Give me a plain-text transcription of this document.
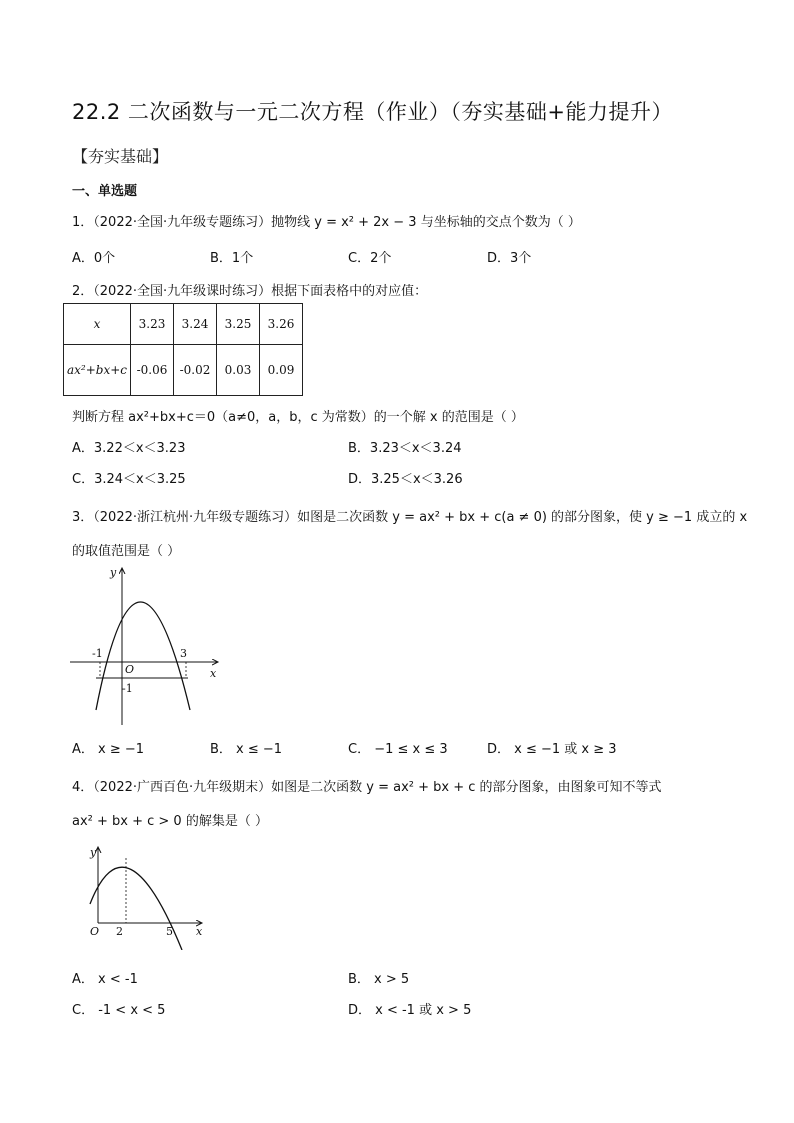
22.2 二次函数与一元二次方程（作业）（夯实基础+能力提升）
【夯实基础】
一、单选题
1．（2022·全国·九年级专题练习）抛物线 y = x² + 2x − 3 与坐标轴的交点个数为（ ）
A．0个	B．1个	C．2个	D．3个
2．（2022·全国·九年级课时练习）根据下面表格中的对应值：
x	3.23	3.24	3.25	3.26
ax²+bx+c	-0.06	-0.02	0.03	0.09
判断方程 ax²+bx+c＝0（a≠0，a，b，c 为常数）的一个解 x 的范围是（ ）
A．3.22＜x＜3.23	B．3.23＜x＜3.24
C．3.24＜x＜3.25	D．3.25＜x＜3.26
3．（2022·浙江杭州·九年级专题练习）如图是二次函数 y = ax² + bx + c(a ≠ 0) 的部分图象，使 y ≥ −1 成立的 x
的取值范围是（ ）
y
x
O
-1	3
-1
A． x ≥ −1	B． x ≤ −1	C． −1 ≤ x ≤ 3	D． x ≤ −1 或 x ≥ 3
4．（2022·广西百色·九年级期末）如图是二次函数 y = ax² + bx + c 的部分图象，由图象可知不等式
ax² + bx + c > 0 的解集是（ ）
y
x
O 2	5
A． x < -1	B． x > 5
C． -1 < x < 5	D． x < -1 或 x > 5
